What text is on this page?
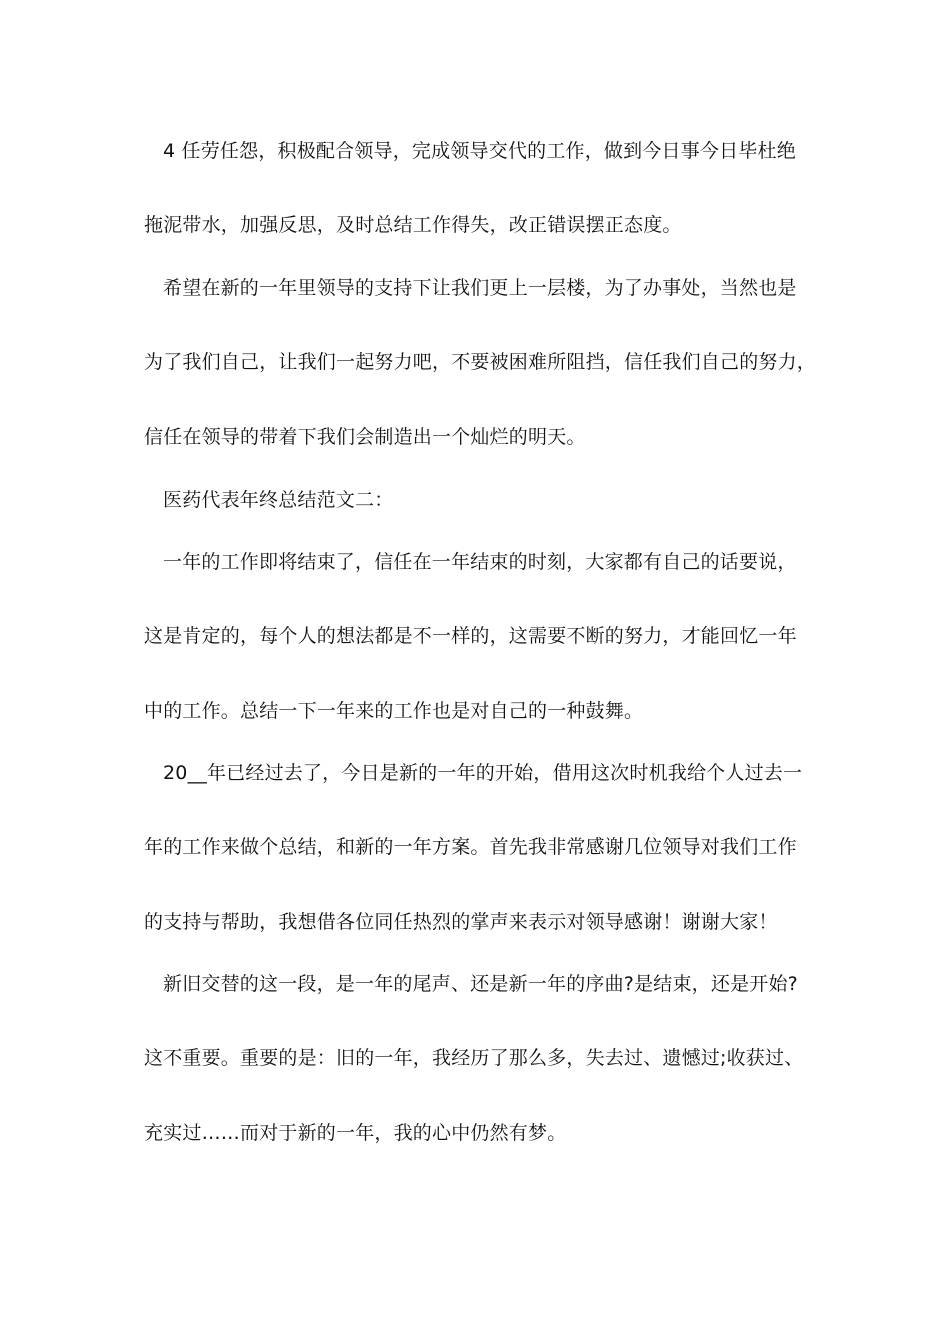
4 任劳任怨，积极配合领导，完成领导交代的工作，做到今日事今日毕杜绝
拖泥带水，加强反思，及时总结工作得失，改正错误摆正态度。
希望在新的一年里领导的支持下让我们更上一层楼，为了办事处，当然也是
为了我们自己，让我们一起努力吧，不要被困难所阻挡，信任我们自己的努力，
信任在领导的带着下我们会制造出一个灿烂的明天。
医药代表年终总结范文二：
一年的工作即将结束了，信任在一年结束的时刻，大家都有自己的话要说，
这是肯定的，每个人的想法都是不一样的，这需要不断的努力，才能回忆一年
中的工作。总结一下一年来的工作也是对自己的一种鼓舞。
20__年已经过去了，今日是新的一年的开始，借用这次时机我给个人过去一
年的工作来做个总结，和新的一年方案。首先我非常感谢几位领导对我们工作
的支持与帮助，我想借各位同任热烈的掌声来表示对领导感谢！谢谢大家！
新旧交替的这一段，是一年的尾声、还是新一年的序曲?是结束，还是开始?
这不重要。重要的是：旧的一年，我经历了那么多，失去过、遗憾过;收获过、
充实过……而对于新的一年，我的心中仍然有梦。
